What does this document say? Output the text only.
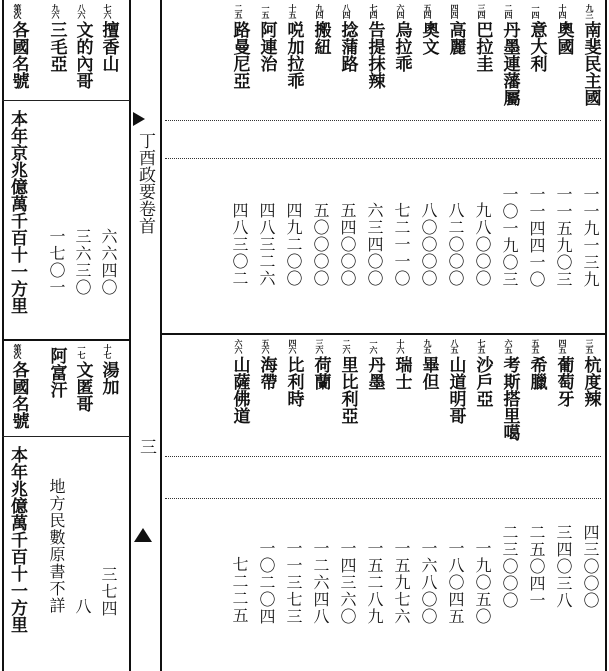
丁酉政要卷首
三
九三
南斐民主國
一一九一三九
十四
奧國
一一五九〇三
一四
意大利
一一四四一〇
二四
丹墨連藩屬
一〇一九〇三
三四
巴拉圭
九八〇〇〇
四四
高麗
八二〇〇〇
五四
奧文
八〇〇〇〇
六四
烏拉乖
七二一一〇
七四
告提抹辣
六三四〇〇
八四
捻蒲路
五四〇〇〇
九四
搬紐
五〇〇〇〇
十五
哾加拉乖
四九二〇〇
一五
阿連治
四八三二六
二五
路曼尼亞
四八三〇二
三五
杭度辣
四三〇〇〇
四五
葡萄牙
三四〇三八
五五
希臘
二五〇四一
六五
考斯搭里噶
二三〇〇〇
七五
沙戶亞
一九〇五〇
八五
山道明哥
一八〇四五
九五
畢但
一六八〇〇
十六
瑞士
一五九七六
一六
丹墨
一五二八九
二六
里比利亞
一四三六〇
三六
荷蘭
一二六四八
四六
比利時
一一三七三
五六
海帶
一〇二〇四
六六
山薩佛道
七二二五
七六
擅香山
六六四〇
八六
文的內哥
三六三〇
九六
三毛亞
一七〇一
第次
各國名號
本年京兆億萬千百十一方里
十七
湯加
三七四
一七
文匿哥
八
阿富汗
地方民數原書不詳
第次
各國名號
本年兆億萬千百十一方里
